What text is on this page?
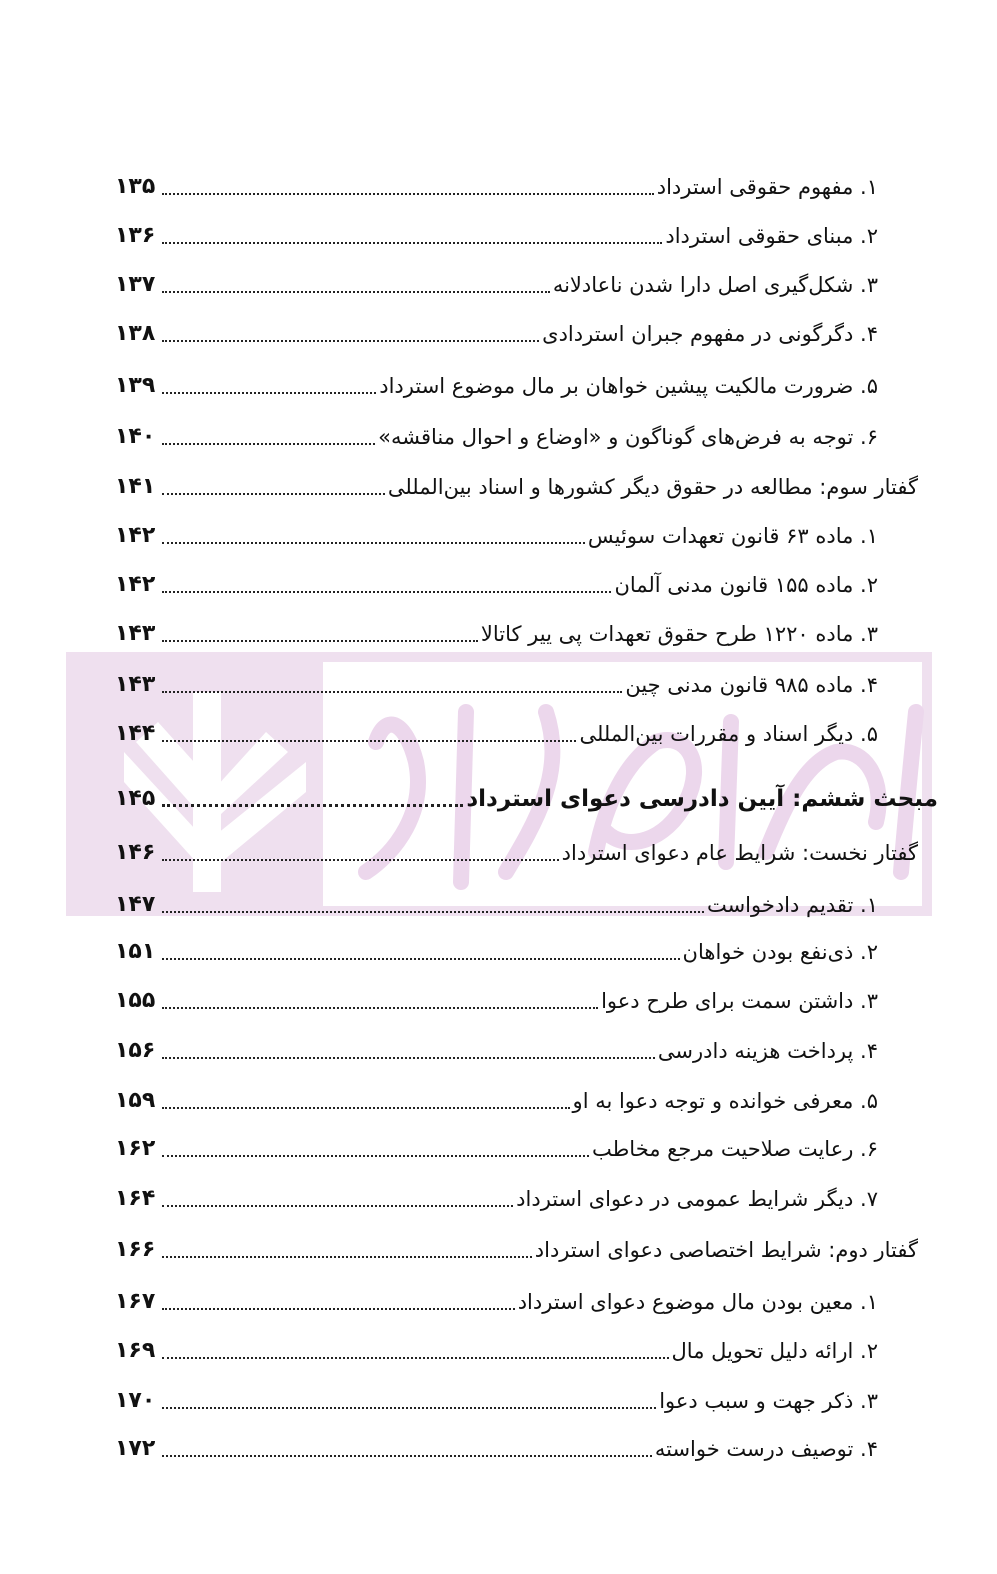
۱. مفهوم حقوقی استرداد
۱۳۵
۲. مبنای حقوقی استرداد
۱۳۶
۳. شکل‌گیری اصل دارا شدن ناعادلانه
۱۳۷
۴. دگرگونی در مفهوم جبران استردادی
۱۳۸
۵. ضرورت مالکیت پیشین خواهان بر مال موضوع استرداد
۱۳۹
۶. توجه به فرض‌های گوناگون و «اوضاع و احوال مناقشه»
۱۴۰
گفتار سوم: مطالعه در حقوق دیگر کشورها و اسناد بین‌المللی
۱۴۱
۱. ماده ۶۳ قانون تعهدات سوئیس
۱۴۲
۲. ماده ۱۵۵ قانون مدنی آلمان
۱۴۲
۳. ماده ۱۲۲۰ طرح حقوق تعهدات پی ییر کاتالا
۱۴۳
۴. ماده ۹۸۵ قانون مدنی چین
۱۴۳
۵. دیگر اسناد و مقررات بین‌المللی
۱۴۴
مبحث ششم: آیین دادرسی دعوای استرداد
۱۴۵
گفتار نخست: شرایط عام دعوای استرداد
۱۴۶
۱. تقدیم دادخواست
۱۴۷
۲. ذی‌نفع بودن خواهان
۱۵۱
۳. داشتن سمت برای طرح دعوا
۱۵۵
۴. پرداخت هزینه دادرسی
۱۵۶
۵. معرفی خوانده و توجه دعوا به او
۱۵۹
۶. رعایت صلاحیت مرجع مخاطب
۱۶۲
۷. دیگر شرایط عمومی در دعوای استرداد
۱۶۴
گفتار دوم: شرایط اختصاصی دعوای استرداد
۱۶۶
۱. معین بودن مال موضوع دعوای استرداد
۱۶۷
۲. ارائه دلیل تحویل مال
۱۶۹
۳. ذکر جهت و سبب دعوا
۱۷۰
۴. توصیف درست خواسته
۱۷۲
